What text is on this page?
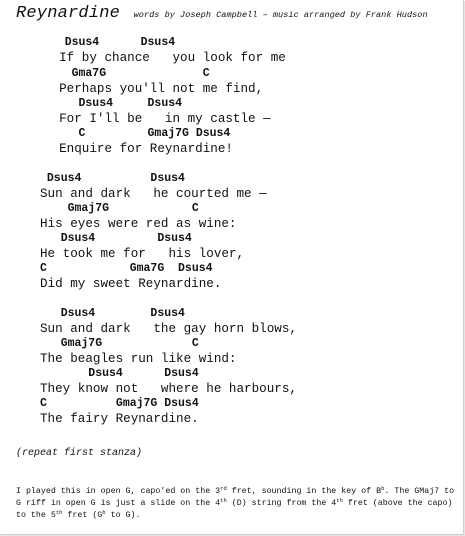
Reynardine words by Joseph Campbell – music arranged by Frank Hudson
Dsus4      Dsus4
If by chance   you look for me
Gma7G              C
Perhaps you'll not me find,
Dsus4     Dsus4
For I'll be   in my castle —
C         Gmaj7G Dsus4
Enquire for Reynardine!
Dsus4          Dsus4
Sun and dark   he courted me —
Gmaj7G            C
His eyes were red as wine:
Dsus4         Dsus4
He took me for   his lover,
C            Gma7G  Dsus4
Did my sweet Reynardine.
Dsus4        Dsus4
Sun and dark   the gay horn blows,
Gmaj7G             C
The beagles run like wind:
Dsus4      Dsus4
They know not   where he harbours,
C          Gmaj7G Dsus4
The fairy Reynardine.
(repeat first stanza)
I played this in open G, capo'ed on the 3rd fret, sounding in the key of $B^b$. The GMaj7 to G riff in open G is just a slide on the 4th (D) string from the 4th fret (above the capo) to the 5th fret ($G^b$ to G).
